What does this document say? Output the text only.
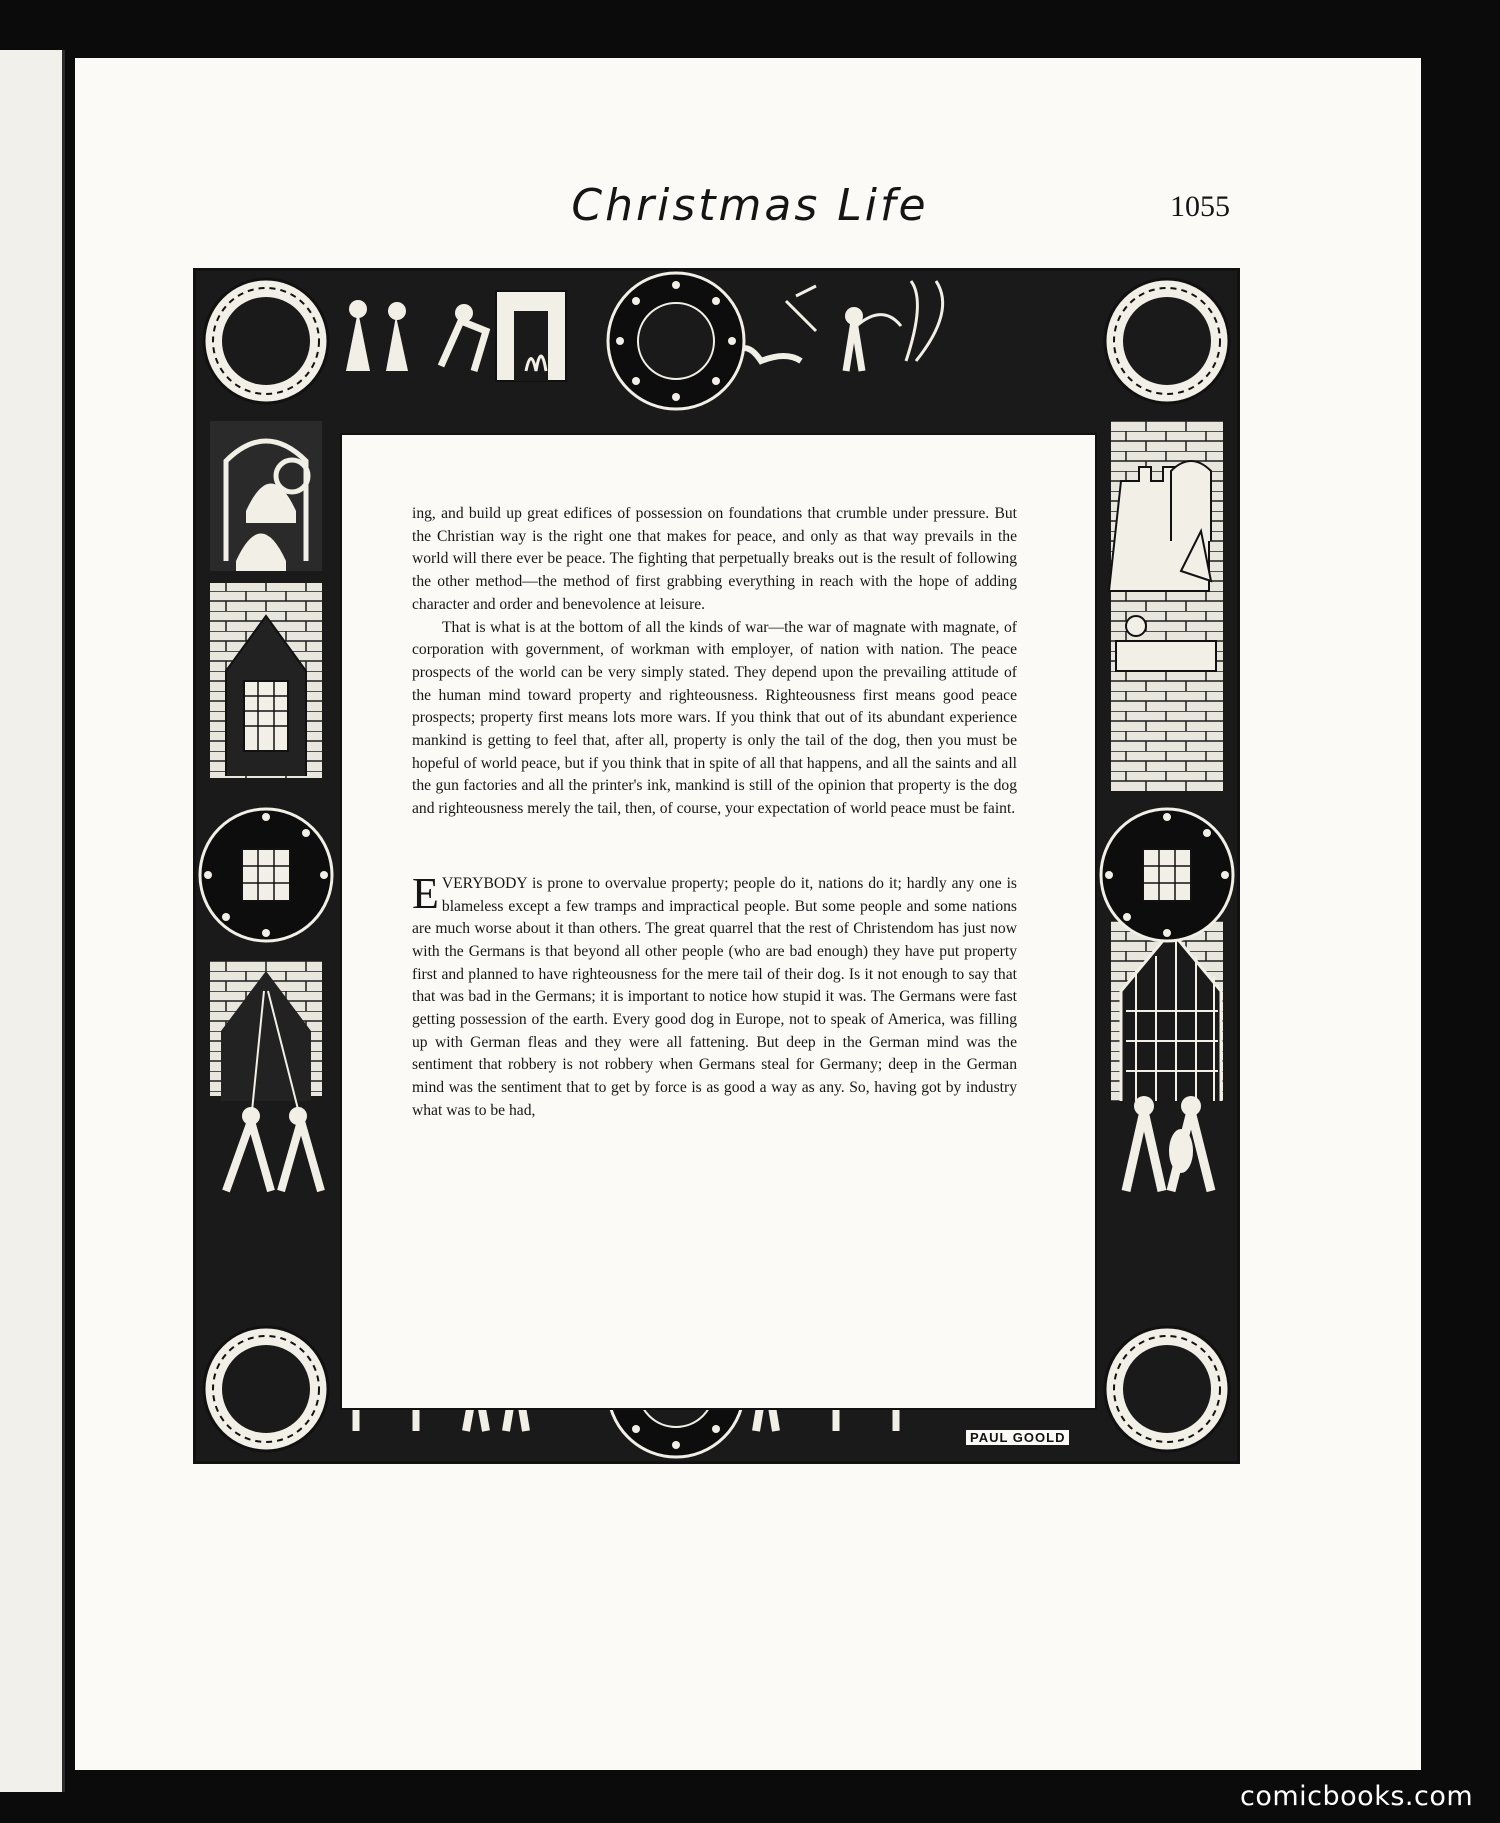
Christmas Life	1055

ing, and build up great edifices of possession on foundations that crumble under pressure. But the Christian way is the right one that makes for peace, and only as that way prevails in the world will there ever be peace. The fighting that perpetually breaks out is the result of following the other method—the method of first grabbing everything in reach with the hope of adding character and order and benevolence at leisure.

That is what is at the bottom of all the kinds of war—the war of magnate with magnate, of corporation with government, of workman with employer, of nation with nation. The peace prospects of the world can be very simply stated. They depend upon the prevailing attitude of the human mind toward property and righteousness. Righteousness first means good peace prospects; property first means lots more wars. If you think that out of its abundant experience mankind is getting to feel that, after all, property is only the tail of the dog, then you must be hopeful of world peace, but if you think that in spite of all that happens, and all the saints and all the gun factories and all the printer's ink, mankind is still of the opinion that property is the dog and righteousness merely the tail, then, of course, your expectation of world peace must be faint.

EVERYBODY is prone to overvalue property; people do it, nations do it; hardly any one is blameless except a few tramps and impractical people. But some people and some nations are much worse about it than others. The great quarrel that the rest of Christendom has just now with the Germans is that beyond all other people (who are bad enough) they have put property first and planned to have righteousness for the mere tail of their dog. Is it not enough to say that that was bad in the Germans; it is important to notice how stupid it was. The Germans were fast getting possession of the earth. Every good dog in Europe, not to speak of America, was filling up with German fleas and they were all fattening. But deep in the German mind was the sentiment that robbery is not robbery when Germans steal for Germany; deep in the German mind was the sentiment that to get by force is as good a way as any. So, having got by industry what was to be had,

PAUL GOOLD
comicbooks.com
